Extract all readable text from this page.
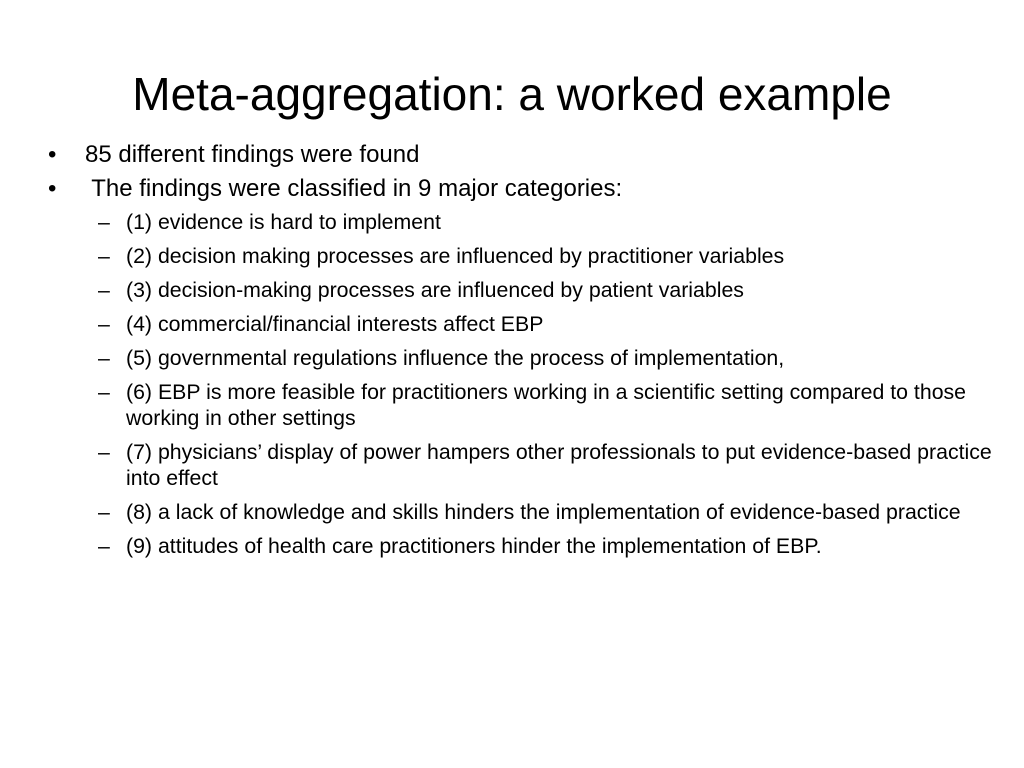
Meta-aggregation: a worked example
• 85 different findings were found
• The findings were classified in 9 major categories:
– (1) evidence is hard to implement
– (2) decision making processes are influenced by practitioner variables
– (3) decision-making processes are influenced by patient variables
– (4) commercial/financial interests affect EBP
– (5) governmental regulations influence the process of implementation,
– (6) EBP is more feasible for practitioners working in a scientific setting compared to those working in other settings
– (7) physicians’ display of power hampers other professionals to put evidence-based practice into effect
– (8) a lack of knowledge and skills hinders the implementation of evidence-based practice
– (9) attitudes of health care practitioners hinder the implementation of EBP.
